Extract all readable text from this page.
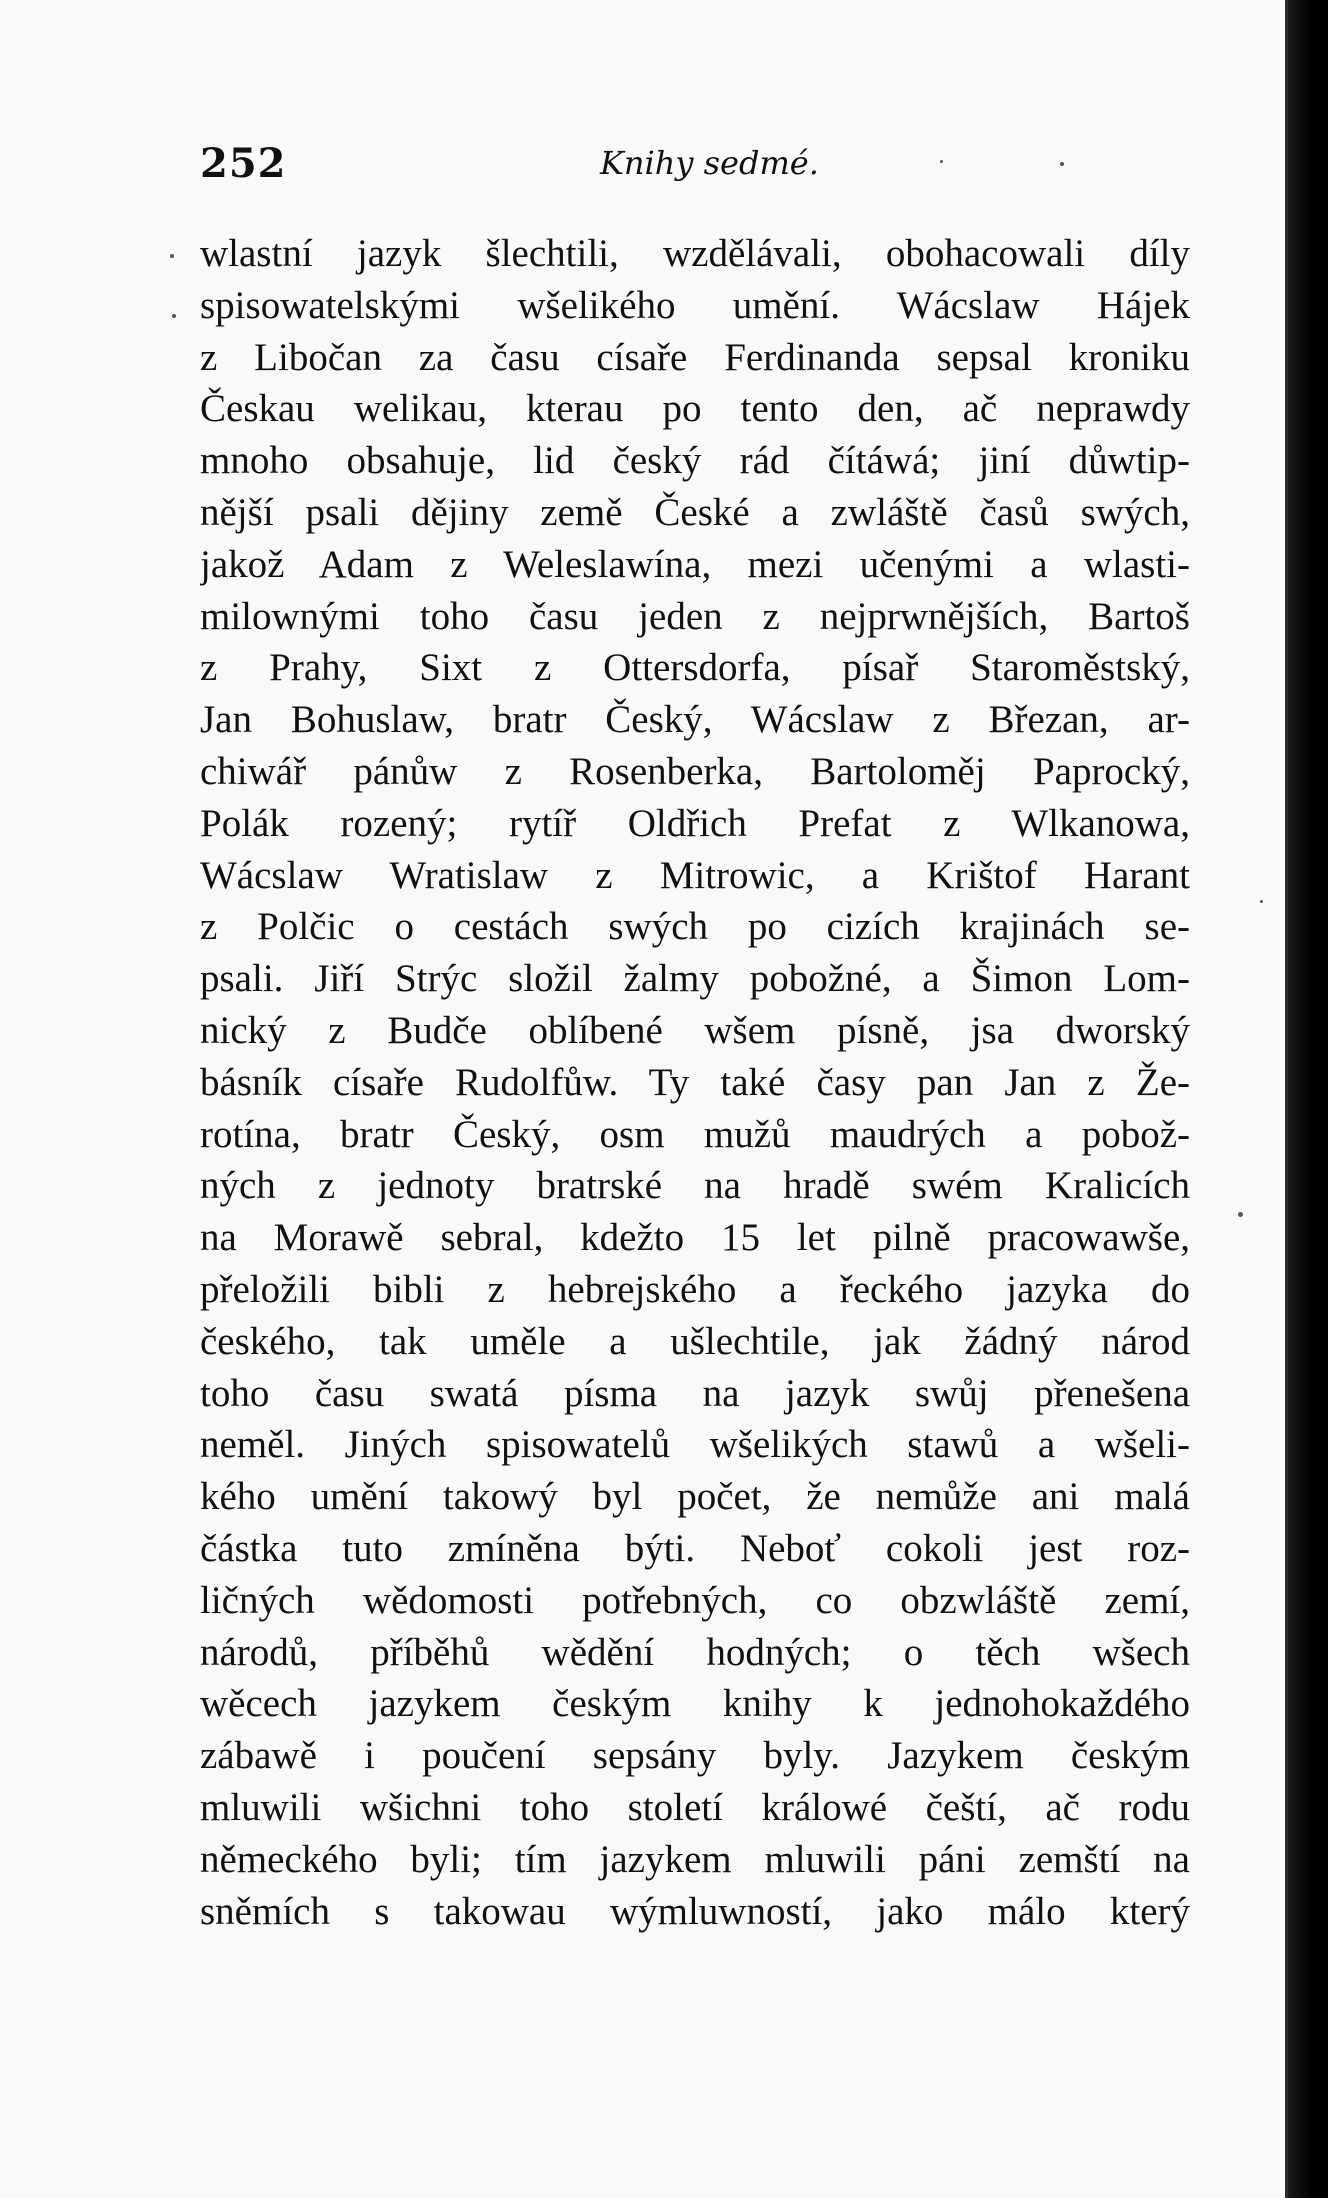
252	Knihy sedmé.
wlastní jazyk šlechtili, wzdělávali, obohacowali díly
spisowatelskými wšelikého umění. Wácslaw Hájek
z Libočan za času císaře Ferdinanda sepsal kroniku
Českau welikau, kterau po tento den, ač neprawdy
mnoho obsahuje, lid český rád čítáwá; jiní důwtip-
nější psali dějiny země České a zwláště časů swých,
jakož Adam z Weleslawína, mezi učenými a wlasti-
milownými toho času jeden z nejprwnějších, Bartoš
z Prahy, Sixt z Ottersdorfa, písař Staroměstský,
Jan Bohuslaw, bratr Český, Wácslaw z Březan, ar-
chiwář pánůw z Rosenberka, Bartoloměj Paprocký,
Polák rozený; rytíř Oldřich Prefat z Wlkanowa,
Wácslaw Wratislaw z Mitrowic, a Krištof Harant
z Polčic o cestách swých po cizích krajinách se-
psali. Jiří Strýc složil žalmy pobožné, a Šimon Lom-
nický z Budče oblíbené wšem písně, jsa dworský
básník císaře Rudolfůw. Ty také časy pan Jan z Že-
rotína, bratr Český, osm mužů maudrých a pobož-
ných z jednoty bratrské na hradě swém Kralicích
na Morawě sebral, kdežto 15 let pilně pracowawše,
přeložili bibli z hebrejského a řeckého jazyka do
českého, tak uměle a ušlechtile, jak žádný národ
toho času swatá písma na jazyk swůj přenešena
neměl. Jiných spisowatelů wšelikých stawů a wšeli-
kého umění takowý byl počet, že nemůže ani malá
částka tuto zmíněna býti. Neboť cokoli jest roz-
ličných wědomosti potřebných, co obzwláště zemí,
národů, příběhů wědění hodných; o těch wšech
wěcech jazykem českým knihy k jednohokaždého
zábawě i poučení sepsány byly. Jazykem českým
mluwili wšichni toho století králowé čeští, ač rodu
německého byli; tím jazykem mluwili páni zemští na
sněmích s takowau wýmluwností, jako málo který
